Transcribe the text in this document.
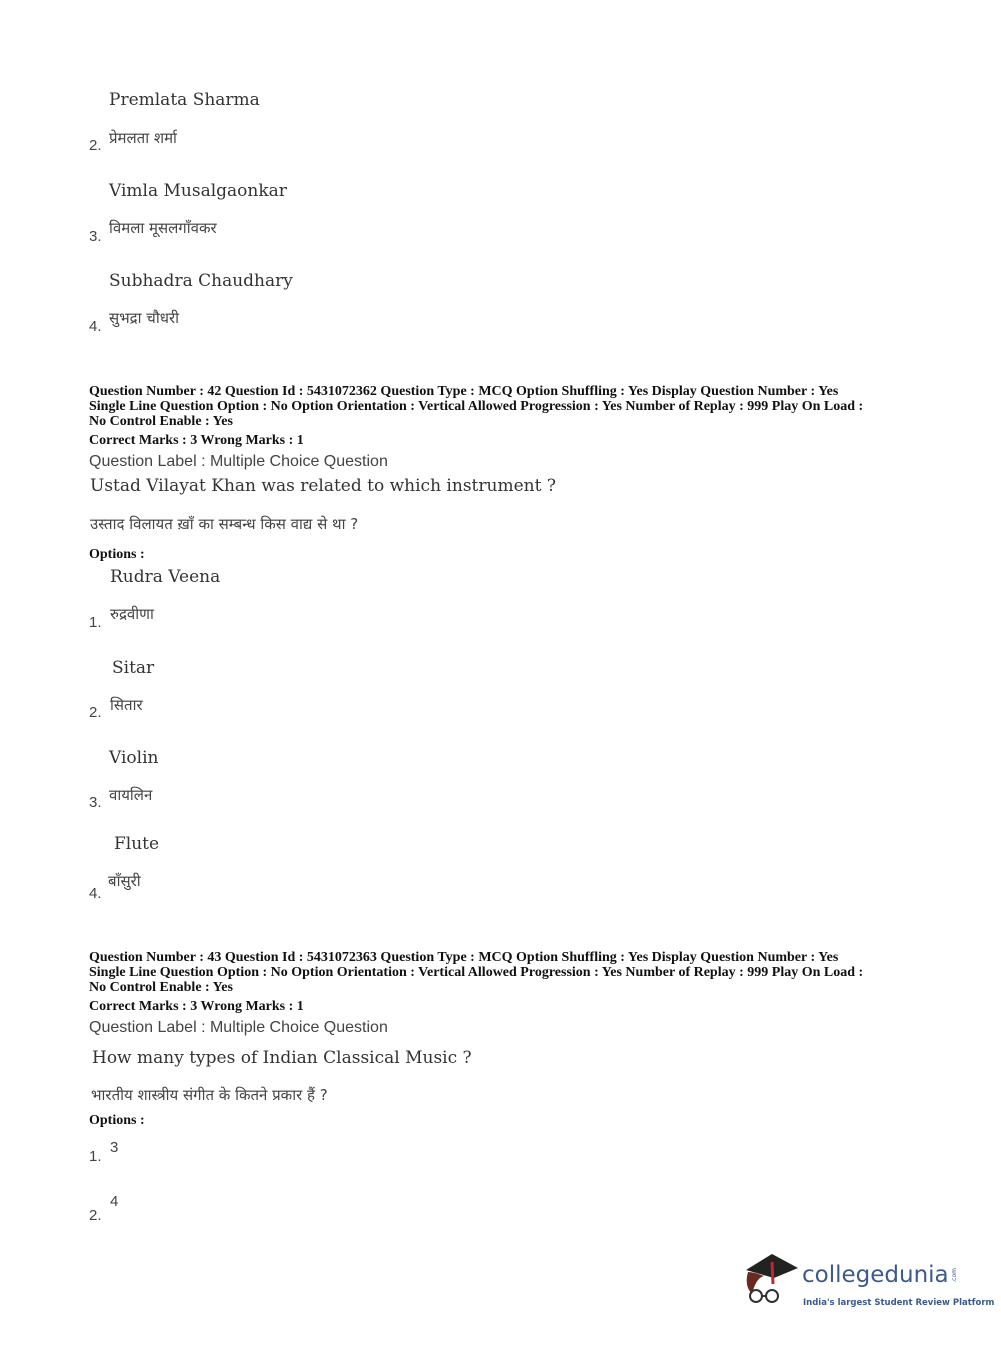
Premlata Sharma
2. प्रेमलता शर्मा
Vimla Musalgaonkar
3. विमला मूसलगाँवकर
Subhadra Chaudhary
4. सुभद्रा चौधरी
Question Number : 42 Question Id : 5431072362 Question Type : MCQ Option Shuffling : Yes Display Question Number : Yes
Single Line Question Option : No Option Orientation : Vertical Allowed Progression : Yes Number of Replay : 999 Play On Load :
No Control Enable : Yes
Correct Marks : 3 Wrong Marks : 1
Question Label : Multiple Choice Question
Ustad Vilayat Khan was related to which instrument ?
उस्ताद विलायत ख़ाँ का सम्बन्ध किस वाद्य से था ?
Options :
Rudra Veena
1. रुद्रवीणा
Sitar
2. सितार
Violin
3. वायलिन
Flute
4.
बाँसुरी
Question Number : 43 Question Id : 5431072363 Question Type : MCQ Option Shuffling : Yes Display Question Number : Yes
Single Line Question Option : No Option Orientation : Vertical Allowed Progression : Yes Number of Replay : 999 Play On Load :
No Control Enable : Yes
Correct Marks : 3 Wrong Marks : 1
Question Label : Multiple Choice Question
How many types of Indian Classical Music ?
भारतीय शास्त्रीय संगीत के कितने प्रकार हैं ?
Options :
1.
3
2.
4
collegedunia .com
India's largest Student Review Platform
